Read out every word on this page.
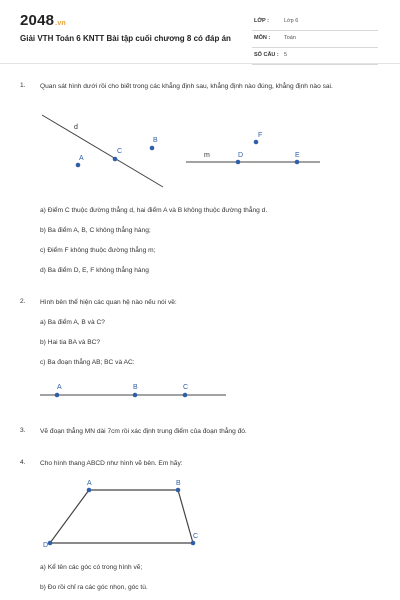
2048.vn
Giải VTH Toán 6 KNTT Bài tập cuối chương 8 có đáp án
LỚP :	Lớp 6
MÔN :	Toán
SỐ CÂU : 5
1.	Quan sát hình dưới rồi cho biết trong các khẳng định sau, khẳng định nào đúng, khẳng định nào sai.
d
A
B
C
m	D	E
F
a) Điểm C thuộc đường thẳng d, hai điểm A và B không thuộc đường thẳng d.
b) Ba điểm A, B, C không thẳng hàng;
c) Điểm F không thuộc đường thẳng m;
d) Ba điểm D, E, F không thẳng hàng
2.	Hình bên thể hiện các quan hệ nào nếu nói về:
a) Ba điểm A, B và C?
b) Hai tia BA và BC?
c) Ba đoạn thẳng AB; BC và AC:
A	B	C
3.	Vẽ đoạn thẳng MN dài 7cm rồi xác định trung điểm của đoạn thẳng đó.
4.	Cho hình thang ABCD như hình vẽ bên. Em hãy:
A	B
C
D
a) Kể tên các góc có trong hình vẽ;
b) Đo rồi chỉ ra các góc nhọn, góc tù.
